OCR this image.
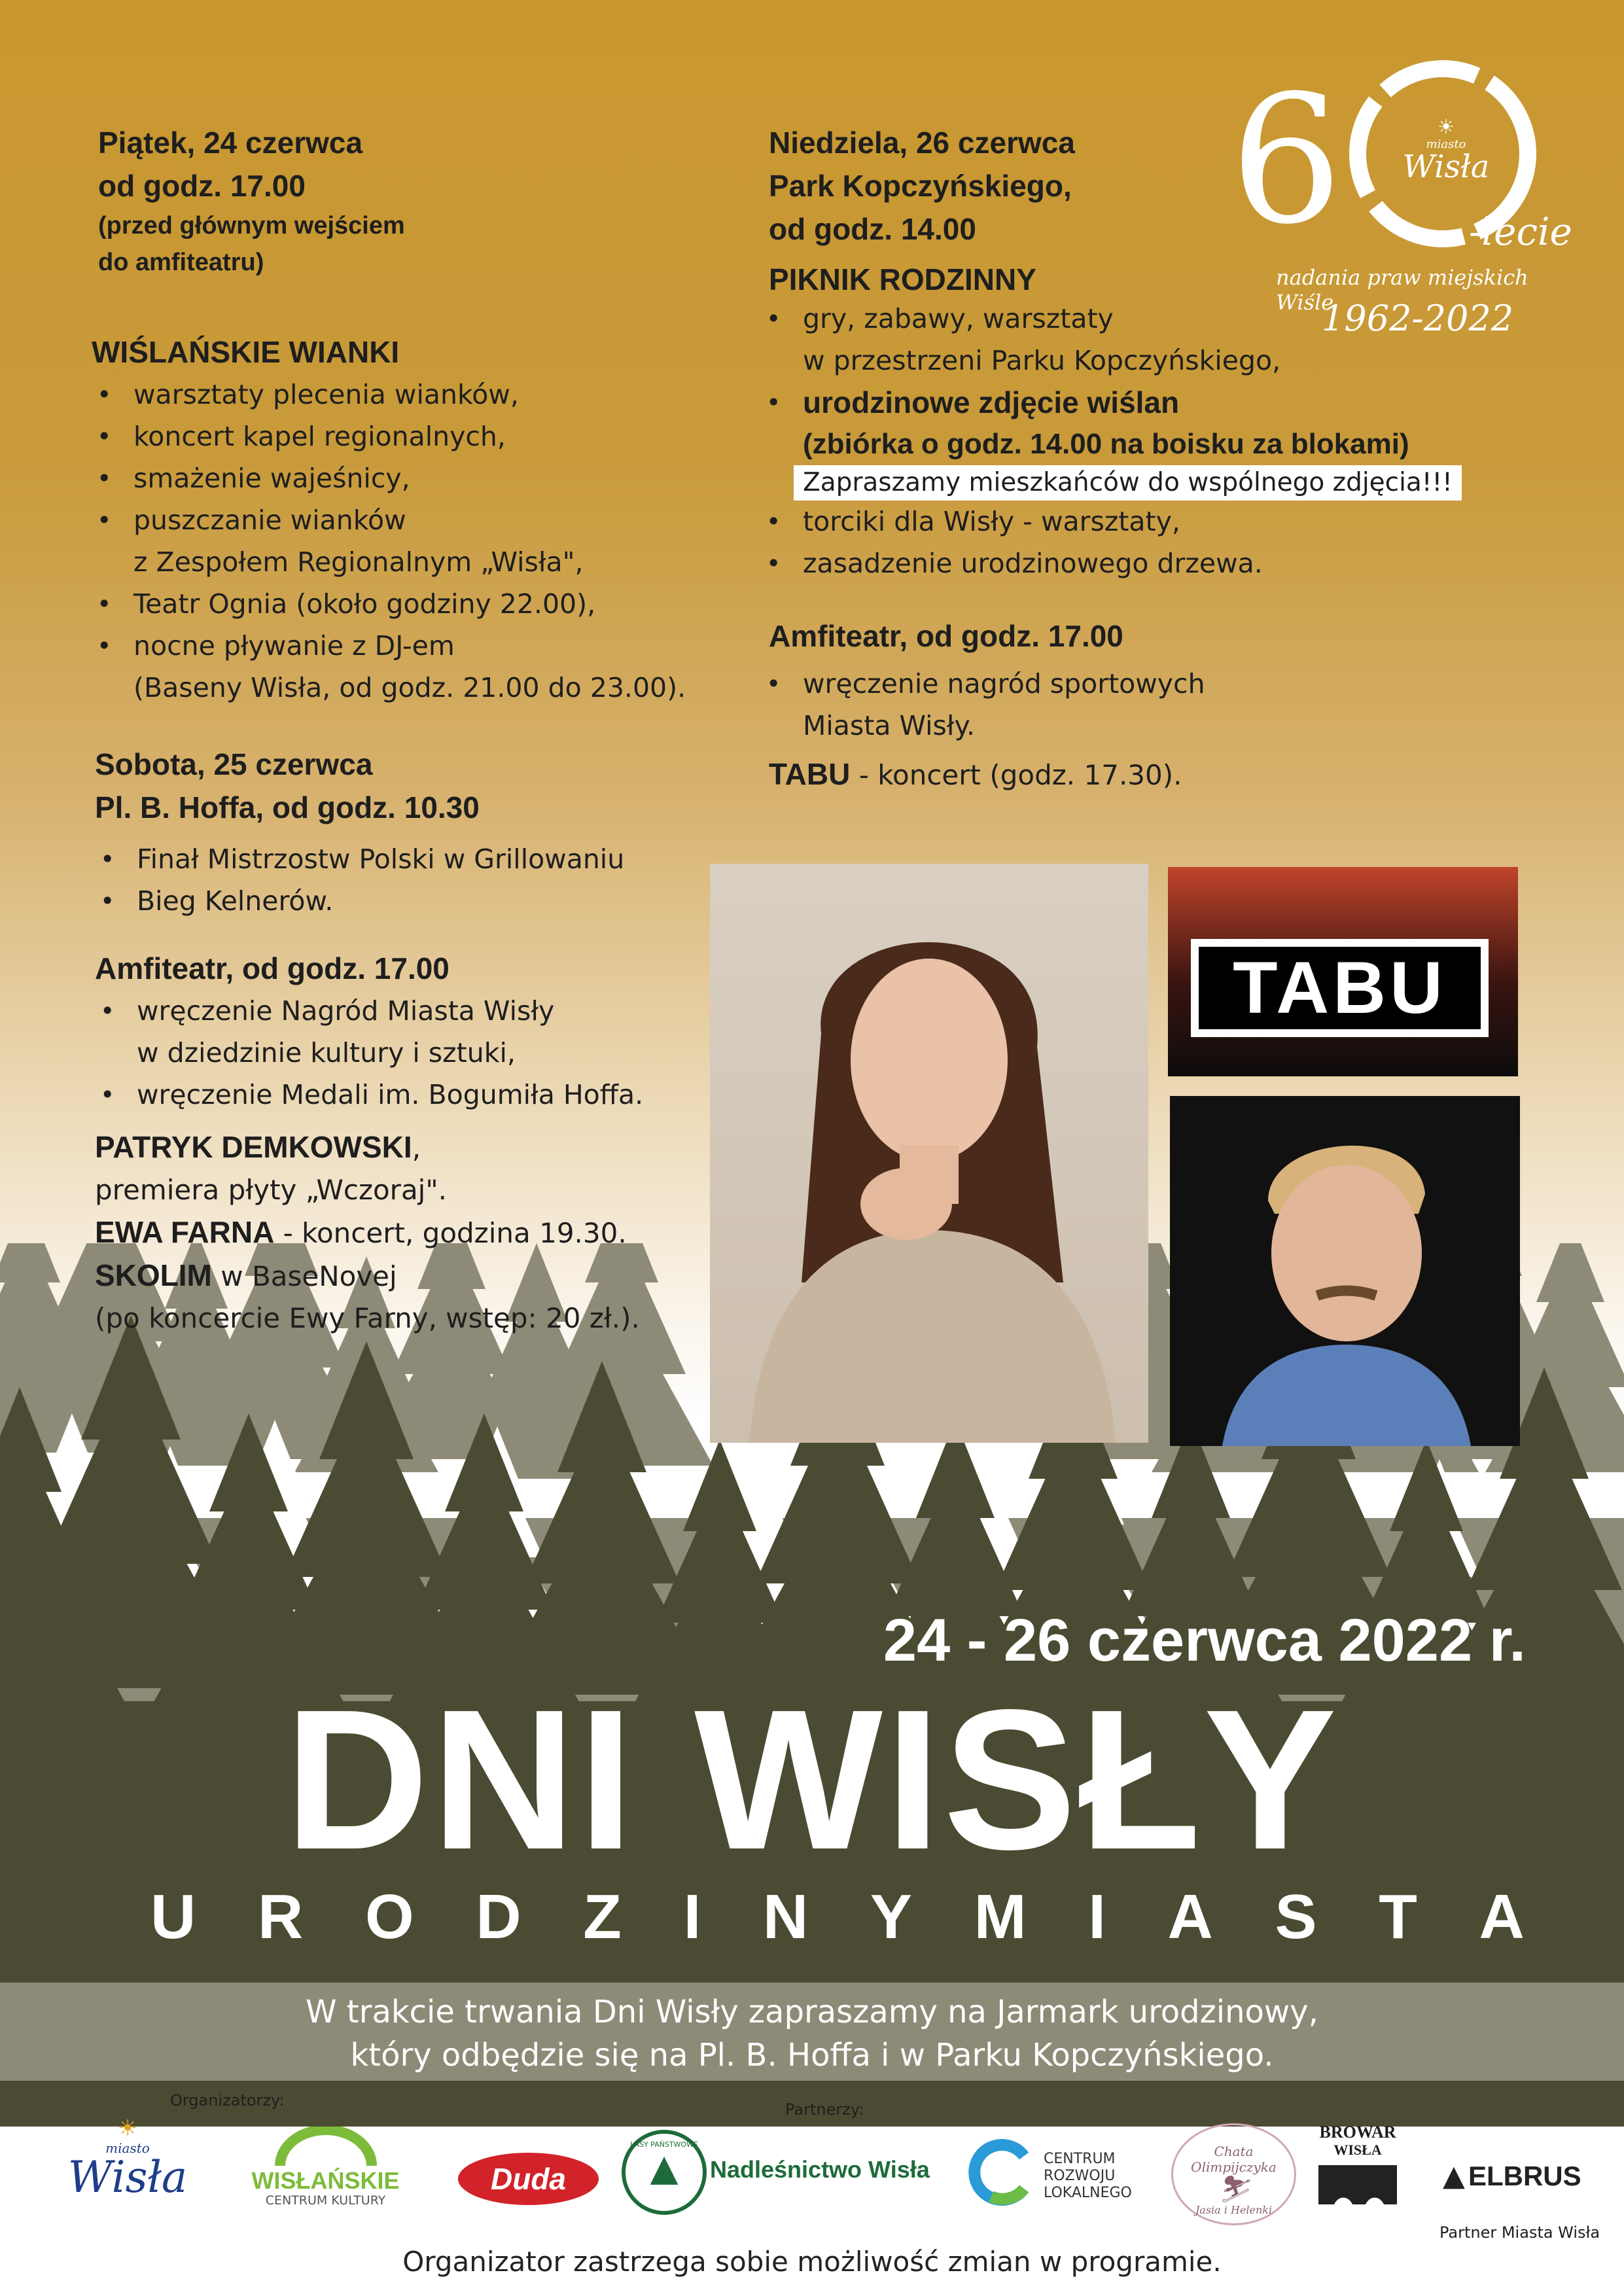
6	☀
miasto
Wisła
-lecie
nadania praw miejskich Wiśle
1962-2022
Piątek, 24 czerwca
od godz. 17.00
(przed głównym wejściem
do amfiteatru)
WIŚLAŃSKIE WIANKI
• warsztaty plecenia wianków,
• koncert kapel regionalnych,
• smażenie wajeśnicy,
• puszczanie wianków
z Zespołem Regionalnym „Wisła",
• Teatr Ognia (około godziny 22.00),
• nocne pływanie z DJ-em
(Baseny Wisła, od godz. 21.00 do 23.00).
Sobota, 25 czerwca
Pl. B. Hoffa, od godz. 10.30
• Finał Mistrzostw Polski w Grillowaniu
• Bieg Kelnerów.
Amfiteatr, od godz. 17.00
• wręczenie Nagród Miasta Wisły
w dziedzinie kultury i sztuki,
• wręczenie Medali im. Bogumiła Hoffa.
PATRYK DEMKOWSKI,
premiera płyty „Wczoraj".
EWA FARNA - koncert, godzina 19.30.
SKOLIM w BaseNovej
(po koncercie Ewy Farny, wstęp: 20 zł.).
Niedziela, 26 czerwca
Park Kopczyńskiego,
od godz. 14.00
PIKNIK RODZINNY
• gry, zabawy, warsztaty
w przestrzeni Parku Kopczyńskiego,
• urodzinowe zdjęcie wiślan
(zbiórka o godz. 14.00 na boisku za blokami)
Zapraszamy mieszkańców do wspólnego zdjęcia!!!
• torciki dla Wisły - warsztaty,
• zasadzenie urodzinowego drzewa.
Amfiteatr, od godz. 17.00
• wręczenie nagród sportowych
Miasta Wisły.
TABU - koncert (godz. 17.30).
TABU
24 - 26 czerwca 2022 r.
DNI WISŁY
U R O D Z I N Y M I A S T A
W trakcie trwania Dni Wisły zapraszamy na Jarmark urodzinowy,
który odbędzie się na Pl. B. Hoffa i w Parku Kopczyńskiego.
Organizatorzy:	Partnerzy:
☀
miasto
Wisła	WISŁAŃSKIE
CENTRUM KULTURY
Duda
LASY PAŃSTWOWE
▲	Nadleśnictwo Wisła	CENTRUM
ROZWOJU
LOKALNEGO
Chata Olimpijczyka
⛷
Jasia i Helenki
BROWAR
WISŁA
▲ ELBRUS
Partner Miasta Wisła
Organizator zastrzega sobie możliwość zmian w programie.
